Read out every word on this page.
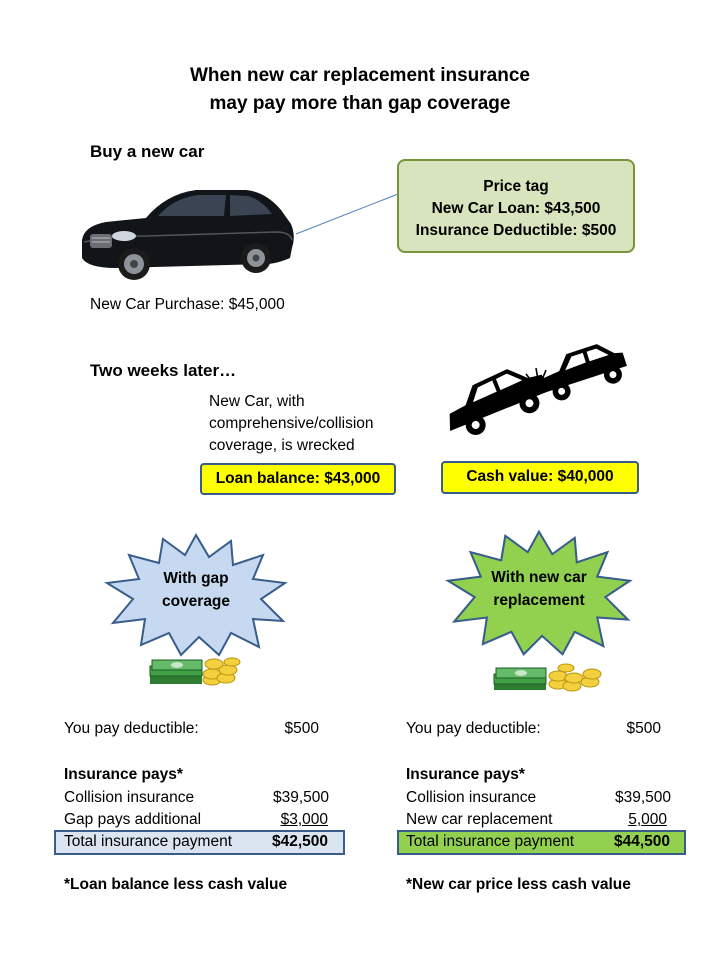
When new car replacement insurance
may pay more than gap coverage
Buy a new car
New Car Purchase: $45,000
Price tag
New Car Loan: $43,500
Insurance Deductible: $500
Two weeks later…
New Car, with
comprehensive/collision
coverage, is wrecked
Loan balance: $43,000	Cash value: $40,000
With gap
coverage
With new car
replacement
You pay deductible:	$500
Insurance pays*
Collision insurance	$39,500
Gap pays additional	$3,000
Total insurance payment	$42,500
*Loan balance less cash value
You pay deductible:	$500
Insurance pays*
Collision insurance	$39,500
New car replacement	5,000
Total insurance payment	$44,500
*New car price less cash value
